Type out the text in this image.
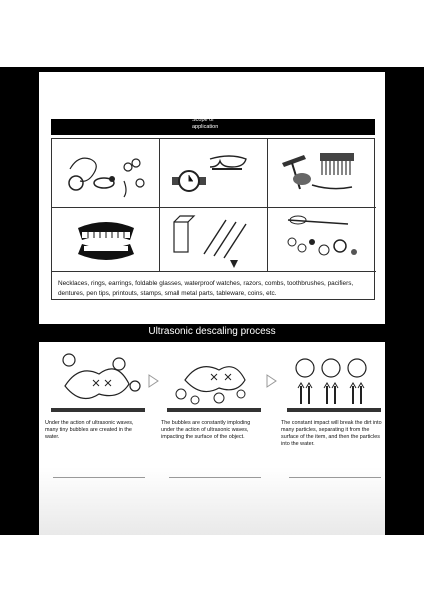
Scope of
application
Necklaces, rings, earrings, foldable glasses, waterproof watches, razors, combs, toothbrushes, pacifiers, dentures, pen tips, printouts, stamps, small metal parts, tableware, coins, etc.
Ultrasonic descaling process

Under the action of ultrasonic waves, many tiny bubbles are created in the water.

The bubbles are constantly imploding under the action of ultrasonic waves, impacting the surface of the object.

The constant impact will break the dirt into many particles, separating it from the surface of the item, and then the particles into the water.
